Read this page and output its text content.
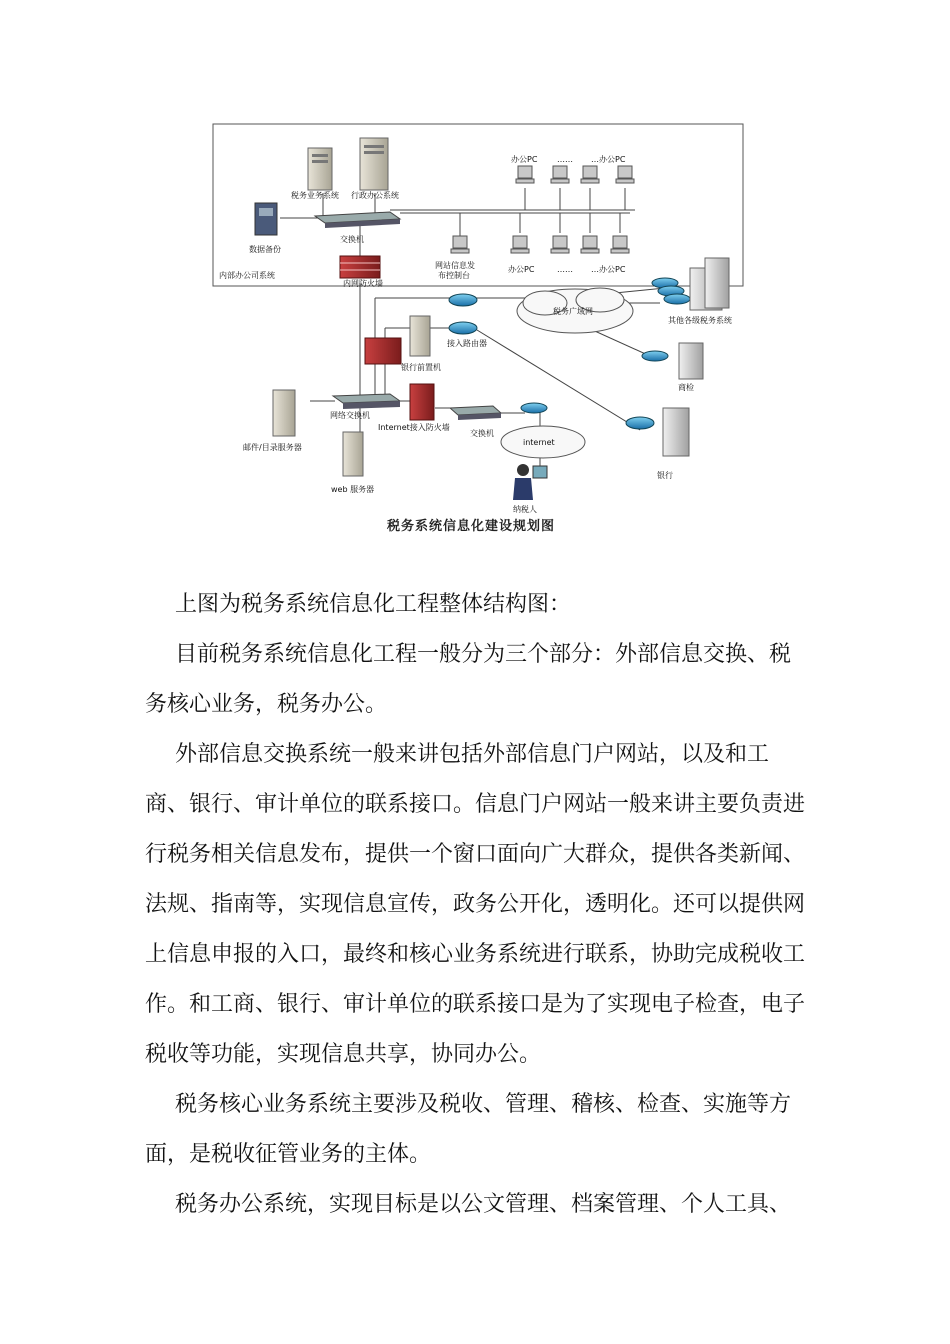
税务业务系统 行政办公系统
办公PC …… …办公PC
数据备份
交换机
内部办公司系统
网站信息发
布控制台
办公PC	…… …办公PC
内网防火墙
税务广域网
其他各级税务系统
接入路由器
银行前置机
商检
网络交换机
邮件/目录服务器
Internet接入防火墙
交换机
internet
银行
web 服务器
纳税人
税务系统信息化建设规划图

上图为税务系统信息化工程整体结构图：

目前税务系统信息化工程一般分为三个部分：外部信息交换、税务核心业务，税务办公。

外部信息交换系统一般来讲包括外部信息门户网站，以及和工商、银行、审计单位的联系接口。信息门户网站一般来讲主要负责进行税务相关信息发布，提供一个窗口面向广大群众，提供各类新闻、法规、指南等，实现信息宣传，政务公开化，透明化。还可以提供网上信息申报的入口，最终和核心业务系统进行联系，协助完成税收工作。和工商、银行、审计单位的联系接口是为了实现电子检查，电子税收等功能，实现信息共享，协同办公。

税务核心业务系统主要涉及税收、管理、稽核、检查、实施等方面，是税收征管业务的主体。

税务办公系统，实现目标是以公文管理、档案管理、个人工具、
